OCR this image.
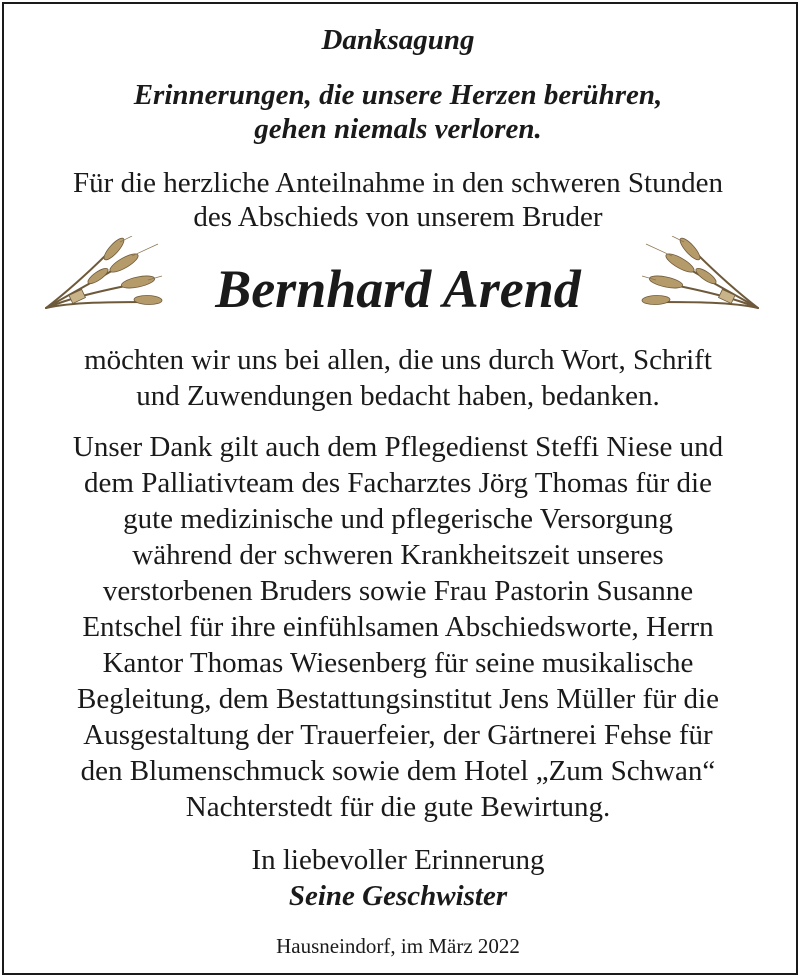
Danksagung
Erinnerungen, die unsere Herzen berühren,
gehen niemals verloren.
Für die herzliche Anteilnahme in den schweren Stunden
des Abschieds von unserem Bruder
Bernhard Arend
möchten wir uns bei allen, die uns durch Wort, Schrift
und Zuwendungen bedacht haben, bedanken.
Unser Dank gilt auch dem Pflegedienst Steffi Niese und
dem Palliativteam des Facharztes Jörg Thomas für die
gute medizinische und pflegerische Versorgung
während der schweren Krankheitszeit unseres
verstorbenen Bruders sowie Frau Pastorin Susanne
Entschel für ihre einfühlsamen Abschiedsworte, Herrn
Kantor Thomas Wiesenberg für seine musikalische
Begleitung, dem Bestattungsinstitut Jens Müller für die
Ausgestaltung der Trauerfeier, der Gärtnerei Fehse für
den Blumenschmuck sowie dem Hotel „Zum Schwan“
Nachterstedt für die gute Bewirtung.
In liebevoller Erinnerung
Seine Geschwister
Hausneindorf, im März 2022
